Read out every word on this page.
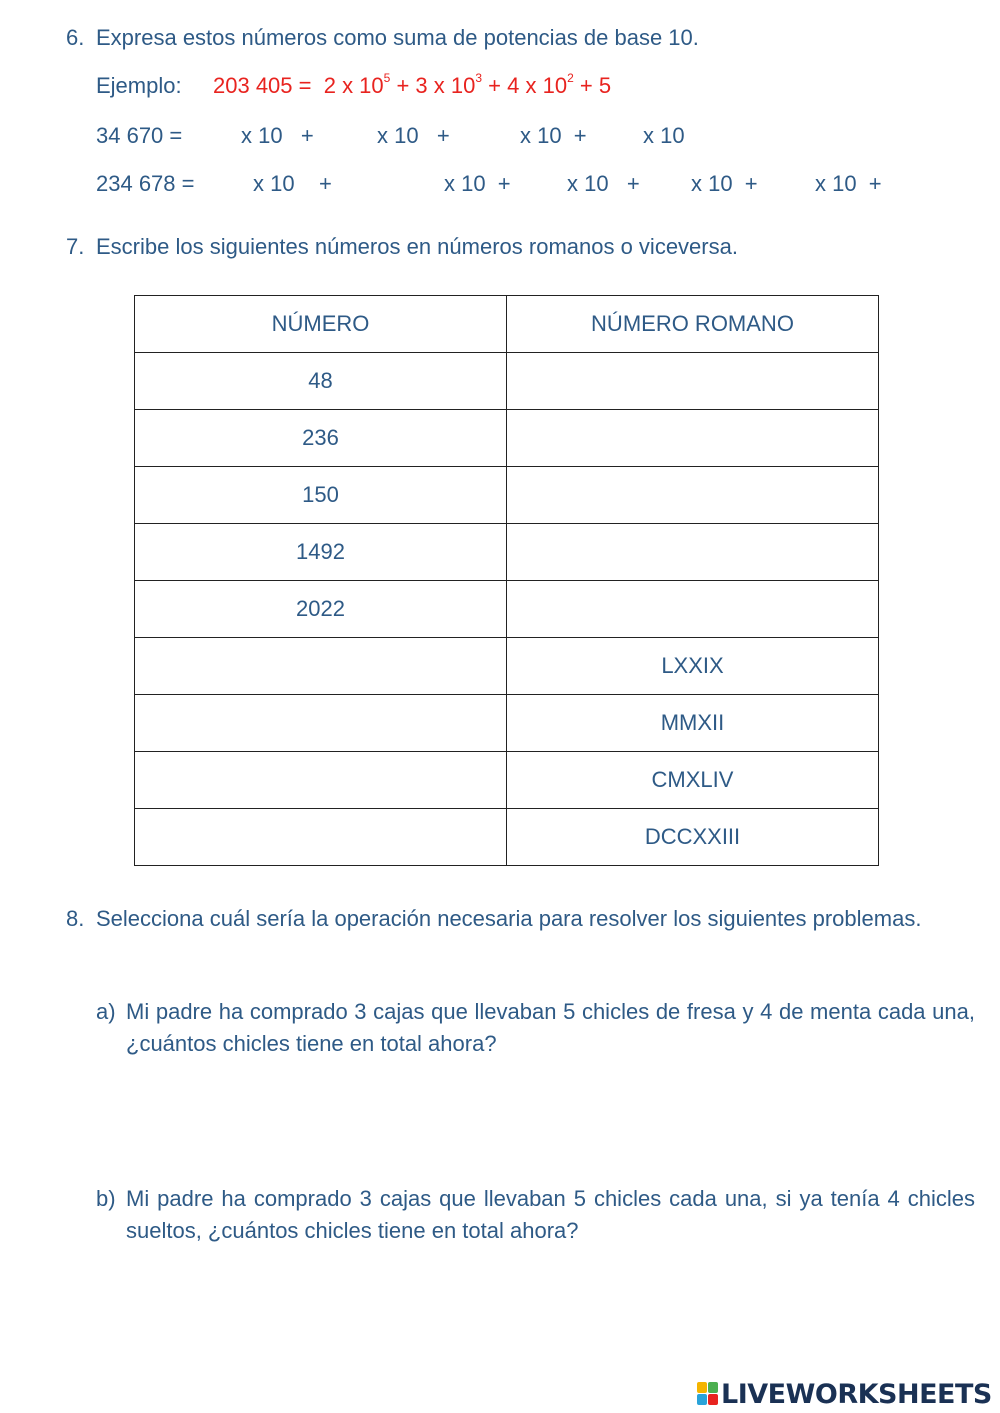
6. Expresa estos números como suma de potencias de base 10.
Ejemplo: 203 405 = 2 x $10^5 + 3$ x $10^3 + 4$ x $10^2 + 5$
34 670 =	x 10   +	x 10   +	x 10  +	x 10
234 678 =	x 10    +	x 10  +	x 10   + x 10  +	x 10  +
7. Escribe los siguientes números en números romanos o viceversa.
NÚMERO	NÚMERO ROMANO
48	
236	
150	
1492	
2022	
	LXXIX
	MMXII
	CMXLIV
	DCCXXIII
8. Selecciona cuál sería la operación necesaria para resolver los siguientes problemas.
a) Mi padre ha comprado 3 cajas que llevaban 5 chicles de fresa y 4 de menta cada una, ¿cuántos chicles tiene en total ahora?
b) Mi padre ha comprado 3 cajas que llevaban 5 chicles cada una, si ya tenía 4 chicles sueltos, ¿cuántos chicles tiene en total ahora?
LIVEWORKSHEETS
